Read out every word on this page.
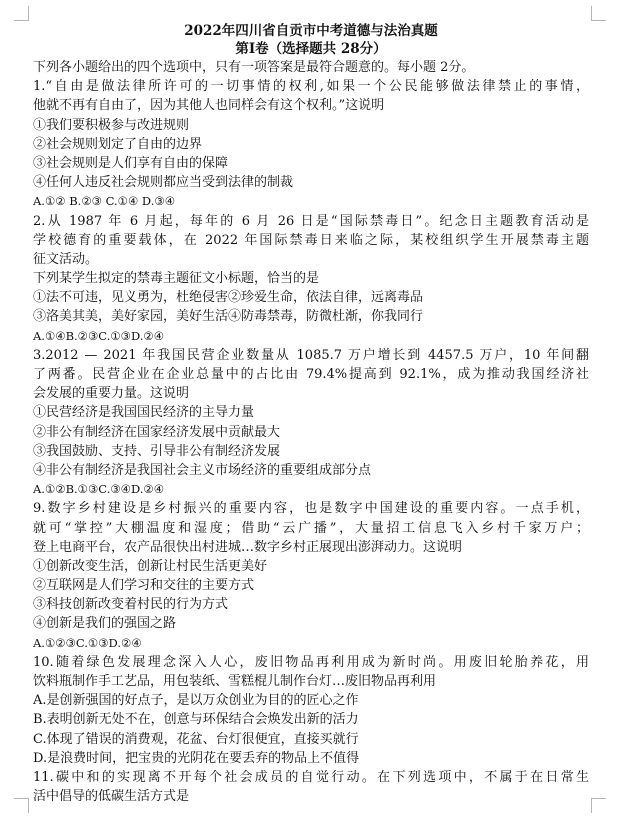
2022年四川省自贡市中考道德与法治真题
第Ⅰ卷（选择题共 28分）
下列各小题给出的四个选项中，只有一项答案是最符合题意的。每小题 2分。
1.“自由是做法律所许可的一切事情的权利,如果一个公民能够做法律禁止的事情，
他就不再有自由了，因为其他人也同样会有这个权利。”这说明
①我们要积极参与改进规则
②社会规则划定了自由的边界
③社会规则是人们享有自由的保障
④任何人违反社会规则都应当受到法律的制裁
A.①② B.②③ C.①④ D.③④
2.从 1987 年 6 月起，每年的 6 月 26 日是“国际禁毒日”。纪念日主题教育活动是
学校德育的重要载体，在 2022 年国际禁毒日来临之际，某校组织学生开展禁毒主题
征文活动。
下列某学生拟定的禁毒主题征文小标题，恰当的是
①法不可违，见义勇为，杜绝侵害②珍爱生命，依法自律，远离毒品
③洛美其美，美好家园，美好生活④防毒禁毒，防微杜渐，你我同行
A.①④B.②③C.①③D.②④
3.2012 — 2021 年我国民营企业数量从 1085.7 万户增长到 4457.5 万户，10 年间翻
了两番。民营企业在企业总量中的占比由 79.4%提高到 92.1%，成为推动我国经济社
会发展的重要力量。这说明
①民营经济是我国国民经济的主导力量
②非公有制经济在国家经济发展中贡献最大
③我国鼓励、支持、引导非公有制经济发展
④非公有制经济是我国社会主义市场经济的重要组成部分点
A.①②B.①③C.③④D.②④
9.数字乡村建设是乡村振兴的重要内容，也是数字中国建设的重要内容。一点手机，
就可“掌控”大棚温度和湿度；借助“云广播”，大量招工信息飞入乡村千家万户；
登上电商平台，农产品很快出村进城…数字乡村正展现出澎湃动力。这说明
①创新改变生活，创新让村民生活更美好
②互联网是人们学习和交往的主要方式
③科技创新改变着村民的行为方式
④创新是我们的强国之路
A.①②③C.①③D.②④
10.随着绿色发展理念深入人心，废旧物品再利用成为新时尚。用废旧轮胎养花，用
饮料瓶制作手工艺品，用包装纸、雪糕棍儿制作台灯…废旧物品再利用
A.是创新强国的好点子，是以万众创业为目的的匠心之作
B.表明创新无处不在，创意与环保结合会焕发出新的活力
C.体现了错误的消费观，花盆、台灯很便宜，直接买就行
D.是浪费时间，把宝贵的光阴花在要丢弃的物品上不值得
11.碳中和的实现离不开每个社会成员的自觉行动。在下列选项中，不属于在日常生
活中倡导的低碳生活方式是
